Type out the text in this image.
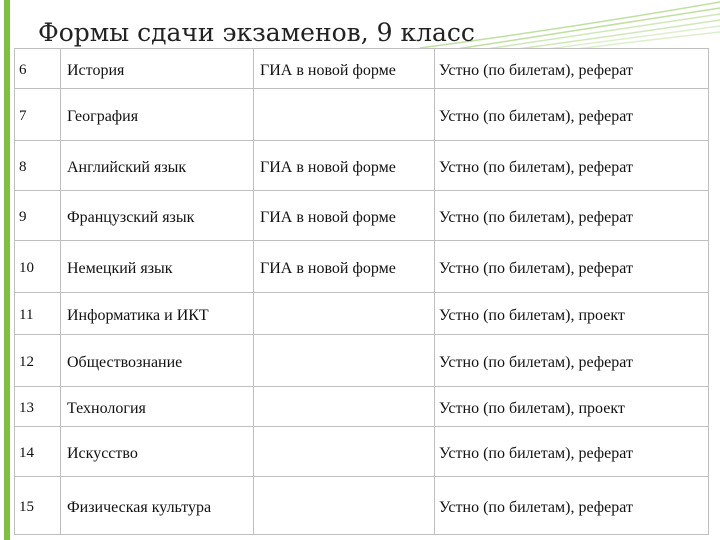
Формы сдачи экзаменов, 9 класс
6	История	ГИА в новой форме	Устно (по билетам), реферат
7	География		Устно (по билетам), реферат
8	Английский язык	ГИА в новой форме	Устно (по билетам), реферат
9	Французский язык	ГИА в новой форме	Устно (по билетам), реферат
10	Немецкий язык	ГИА в новой форме	Устно (по билетам), реферат
11	Информатика и ИКТ		Устно (по билетам), проект
12	Обществознание		Устно (по билетам), реферат
13	Технология		Устно (по билетам), проект
14	Искусство		Устно (по билетам), реферат
15	Физическая культура		Устно (по билетам), реферат
